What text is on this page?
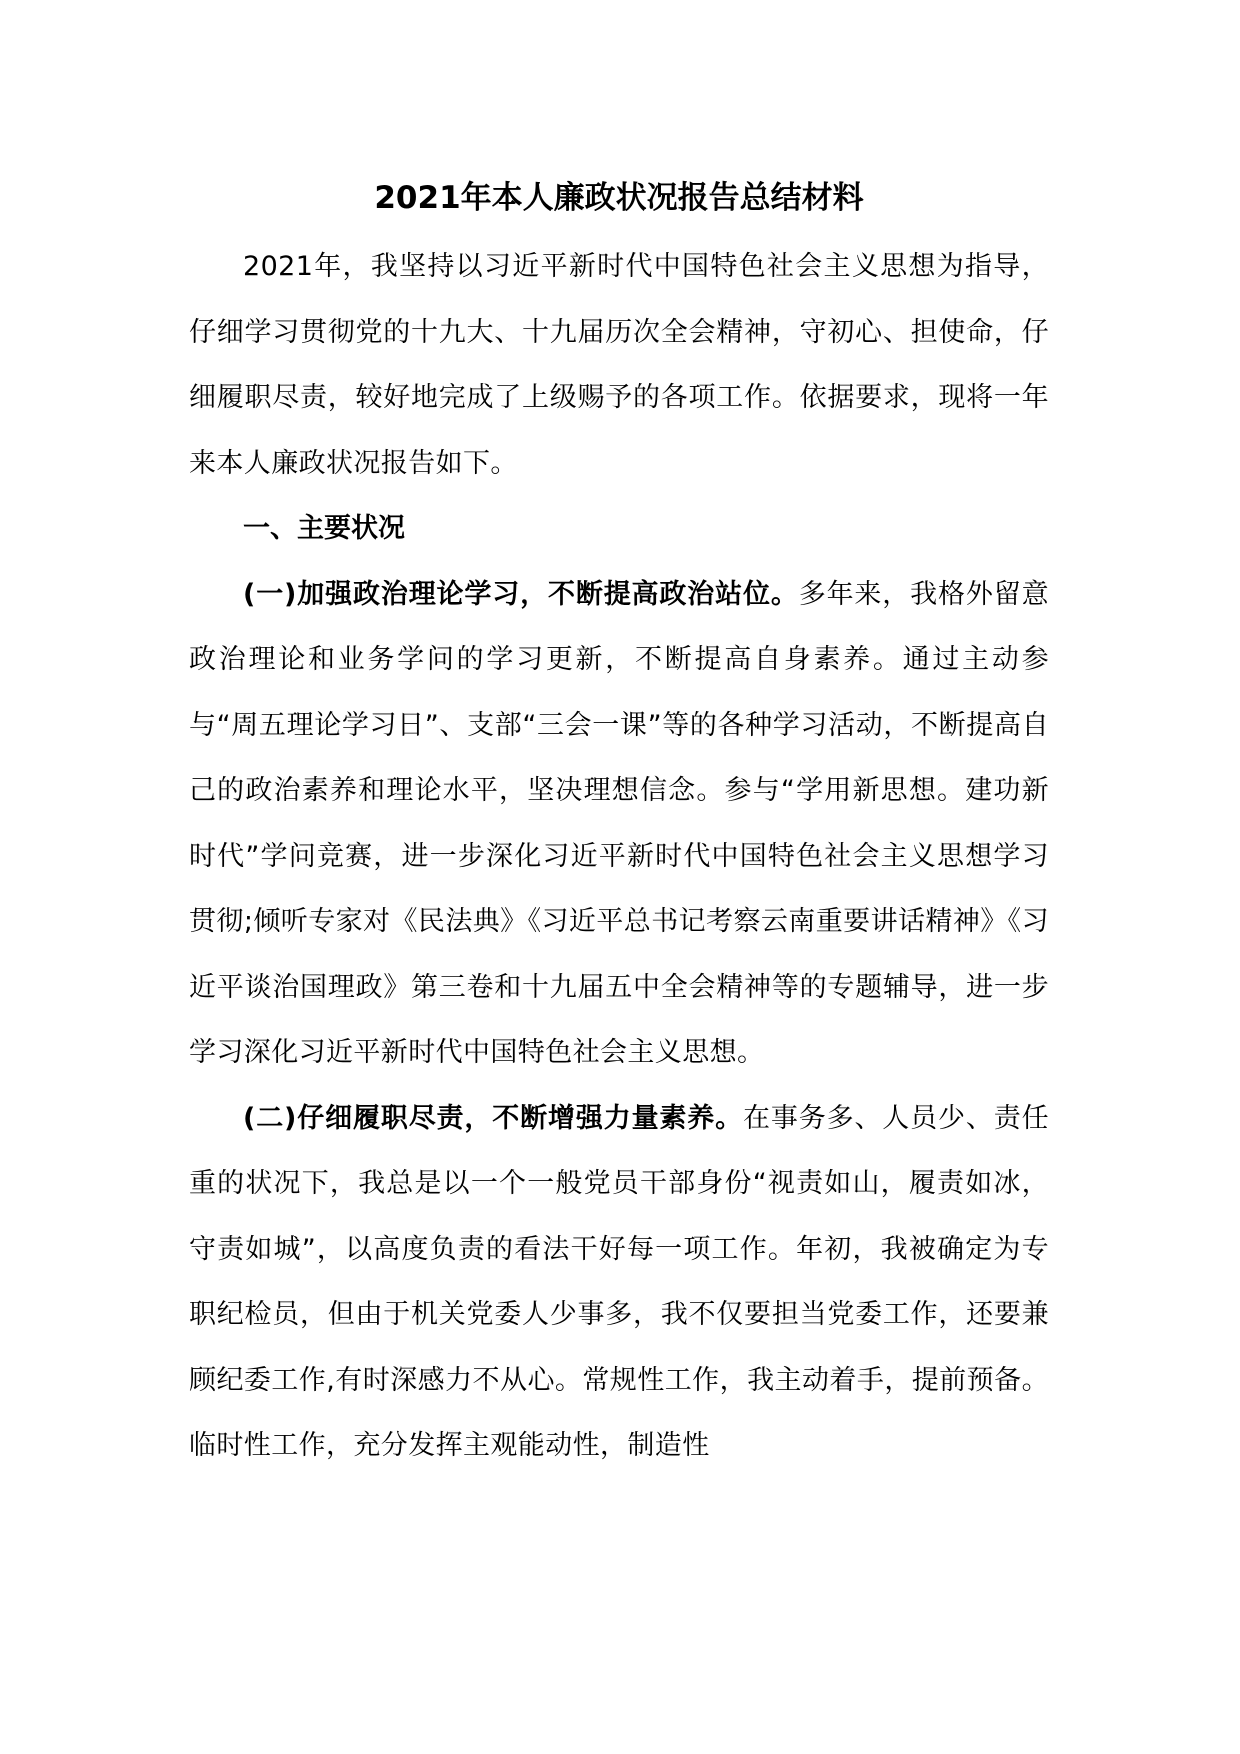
2021年本人廉政状况报告总结材料

2021年，我坚持以习近平新时代中国特色社会主义思想为指导，仔细学习贯彻党的十九大、十九届历次全会精神，守初心、担使命，仔细履职尽责，较好地完成了上级赐予的各项工作。依据要求，现将一年来本人廉政状况报告如下。

一、主要状况

(一)加强政治理论学习，不断提高政治站位。多年来，我格外留意政治理论和业务学问的学习更新，不断提高自身素养。通过主动参与“周五理论学习日”、支部“三会一课”等的各种学习活动，不断提高自己的政治素养和理论水平，坚决理想信念。参与“学用新思想。建功新时代”学问竞赛，进一步深化习近平新时代中国特色社会主义思想学习贯彻;倾听专家对《民法典》《习近平总书记考察云南重要讲话精神》《习近平谈治国理政》第三卷和十九届五中全会精神等的专题辅导，进一步学习深化习近平新时代中国特色社会主义思想。

(二)仔细履职尽责，不断增强力量素养。在事务多、人员少、责任重的状况下，我总是以一个一般党员干部身份“视责如山，履责如冰，守责如城”，以高度负责的看法干好每一项工作。年初，我被确定为专职纪检员，但由于机关党委人少事多，我不仅要担当党委工作，还要兼顾纪委工作,有时深感力不从心。常规性工作，我主动着手，提前预备。临时性工作，充分发挥主观能动性，制造性
